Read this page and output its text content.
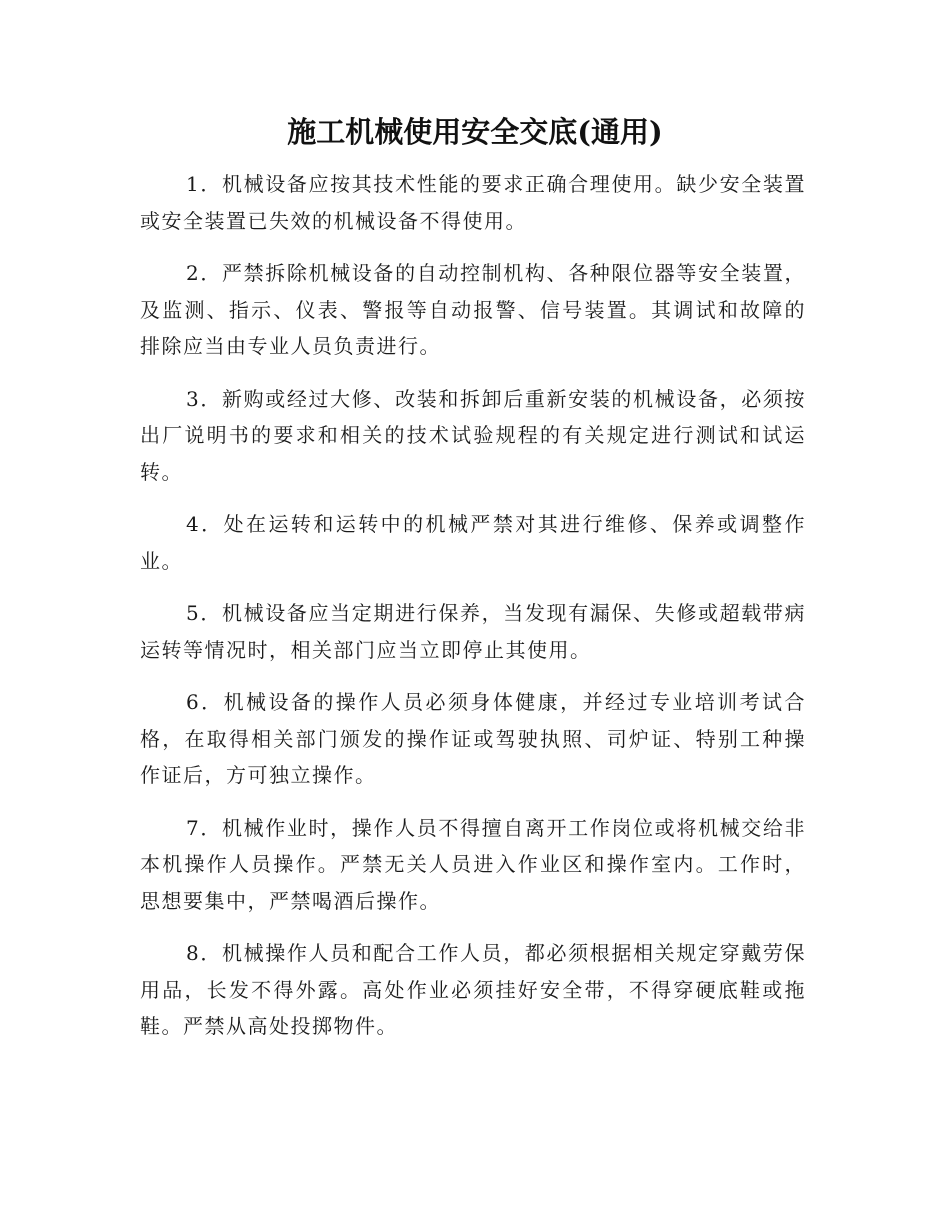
施工机械使用安全交底(通用)

1．机械设备应按其技术性能的要求正确合理使用。缺少安全装置或安全装置已失效的机械设备不得使用。

2．严禁拆除机械设备的自动控制机构、各种限位器等安全装置，及监测、指示、仪表、警报等自动报警、信号装置。其调试和故障的排除应当由专业人员负责进行。

3．新购或经过大修、改装和拆卸后重新安装的机械设备，必须按出厂说明书的要求和相关的技术试验规程的有关规定进行测试和试运转。

4．处在运转和运转中的机械严禁对其进行维修、保养或调整作业。

5．机械设备应当定期进行保养，当发现有漏保、失修或超载带病运转等情况时，相关部门应当立即停止其使用。

6．机械设备的操作人员必须身体健康，并经过专业培训考试合格，在取得相关部门颁发的操作证或驾驶执照、司炉证、特别工种操作证后，方可独立操作。

7．机械作业时，操作人员不得擅自离开工作岗位或将机械交给非本机操作人员操作。严禁无关人员进入作业区和操作室内。工作时，思想要集中，严禁喝酒后操作。

8．机械操作人员和配合工作人员，都必须根据相关规定穿戴劳保用品，长发不得外露。高处作业必须挂好安全带，不得穿硬底鞋或拖鞋。严禁从高处投掷物件。
